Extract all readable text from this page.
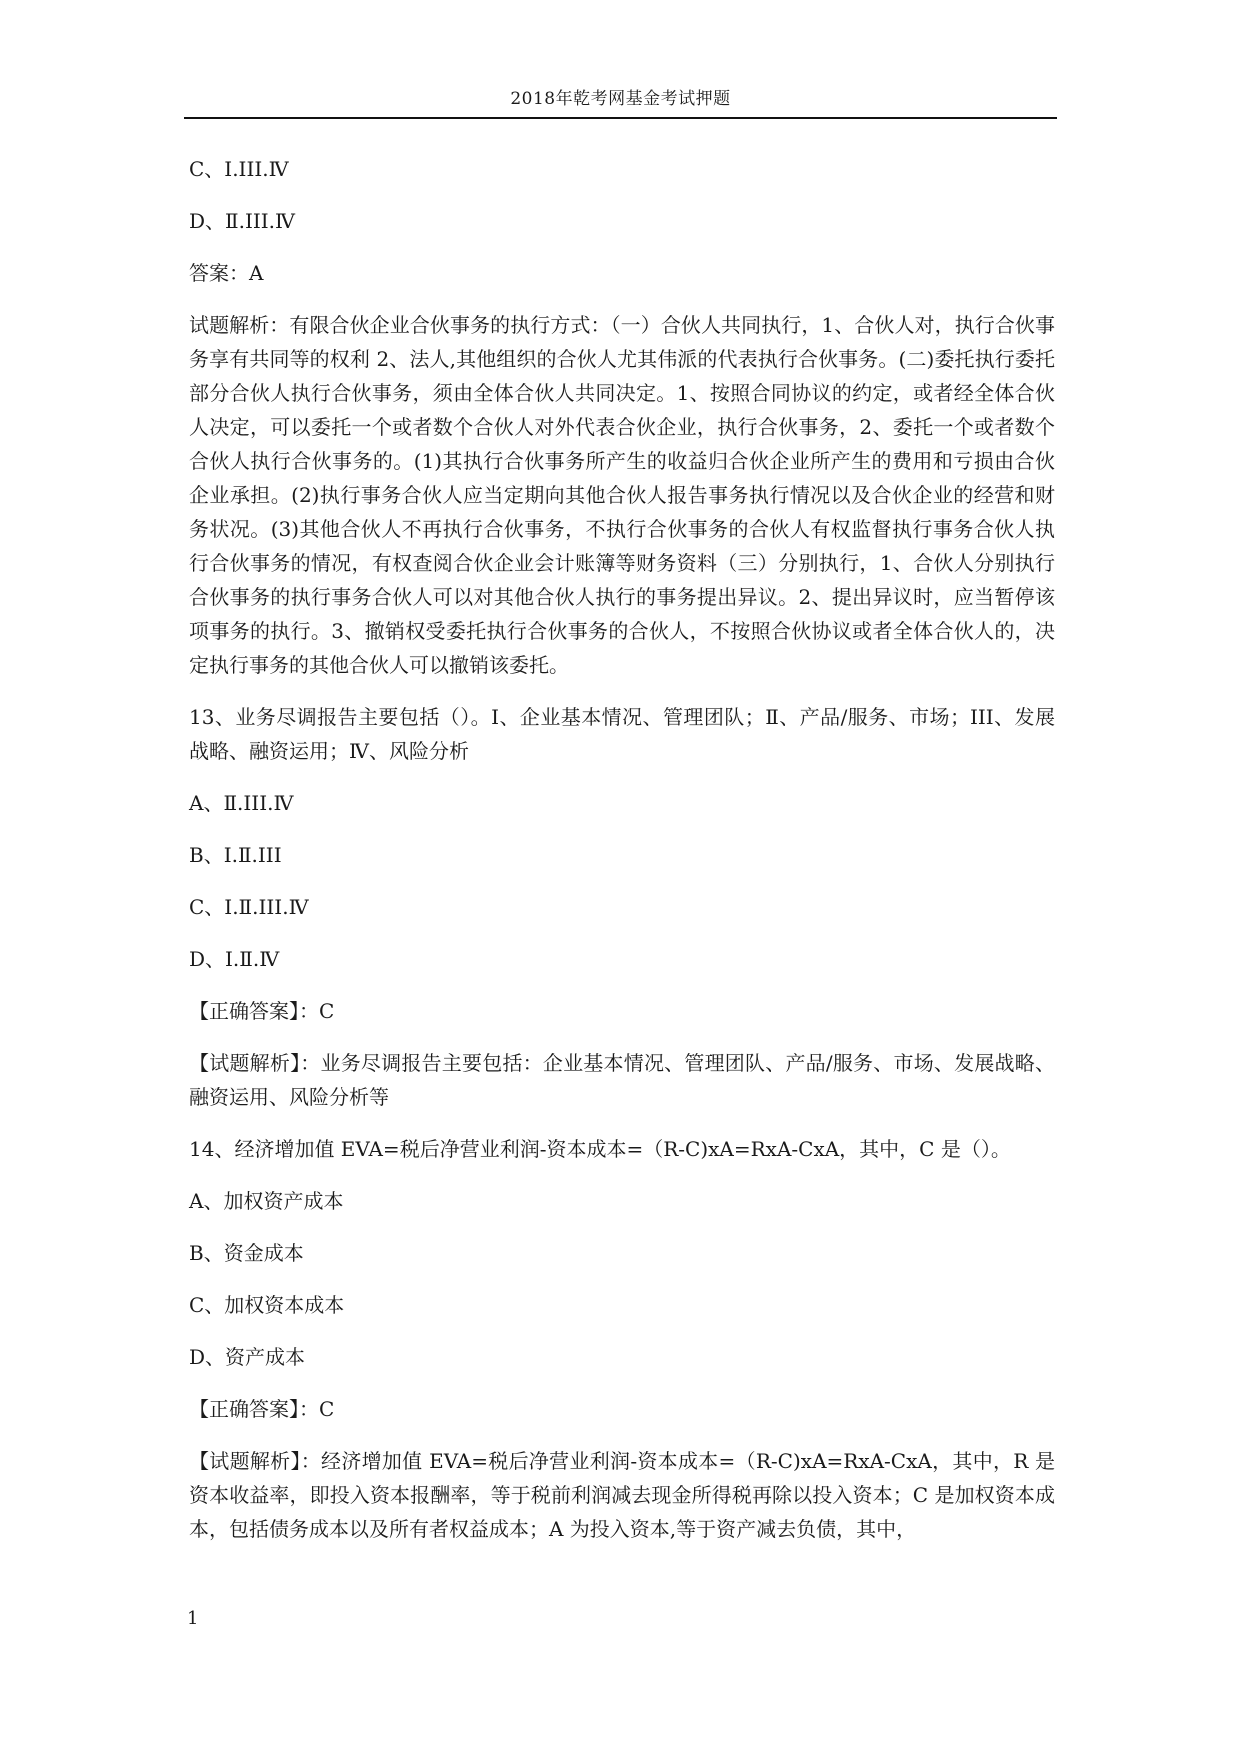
2018年乾考网基金考试押题

C、Ⅰ.III.Ⅳ

D、Ⅱ.III.Ⅳ

答案：A

试题解析：有限合伙企业合伙事务的执行方式：（一）合伙人共同执行，1、合伙人对，执行合伙事务享有共同等的权利 2、法人,其他组织的合伙人尤其伟派的代表执行合伙事务。(二)委托执行委托部分合伙人执行合伙事务，须由全体合伙人共同决定。1、按照合同协议的约定，或者经全体合伙人决定，可以委托一个或者数个合伙人对外代表合伙企业，执行合伙事务，2、委托一个或者数个合伙人执行合伙事务的。(1)其执行合伙事务所产生的收益归合伙企业所产生的费用和亏损由合伙企业承担。(2)执行事务合伙人应当定期向其他合伙人报告事务执行情况以及合伙企业的经营和财务状况。(3)其他合伙人不再执行合伙事务，不执行合伙事务的合伙人有权监督执行事务合伙人执行合伙事务的情况，有权查阅合伙企业会计账簿等财务资料（三）分别执行，1、合伙人分别执行合伙事务的执行事务合伙人可以对其他合伙人执行的事务提出异议。2、提出异议时，应当暂停该项事务的执行。3、撤销权受委托执行合伙事务的合伙人，不按照合伙协议或者全体合伙人的，决定执行事务的其他合伙人可以撤销该委托。

13、业务尽调报告主要包括（）。Ⅰ、企业基本情况、管理团队；Ⅱ、产品/服务、市场；III、发展战略、融资运用；Ⅳ、风险分析

A、Ⅱ.III.Ⅳ

B、Ⅰ.Ⅱ.III

C、Ⅰ.Ⅱ.III.Ⅳ

D、Ⅰ.Ⅱ.Ⅳ

【正确答案】：C

【试题解析】：业务尽调报告主要包括：企业基本情况、管理团队、产品/服务、市场、发展战略、融资运用、风险分析等

14、经济增加值 EVA=税后净营业利润-资本成本=（R-C)xA=RxA-CxA，其中，C 是（）。

A、加权资产成本

B、资金成本

C、加权资本成本

D、资产成本

【正确答案】：C

【试题解析】：经济增加值 EVA=税后净营业利润-资本成本=（R-C)xA=RxA-CxA，其中，R 是资本收益率，即投入资本报酬率，等于税前利润减去现金所得税再除以投入资本；C 是加权资本成本，包括债务成本以及所有者权益成本；A 为投入资本,等于资产减去负债，其中，

1
